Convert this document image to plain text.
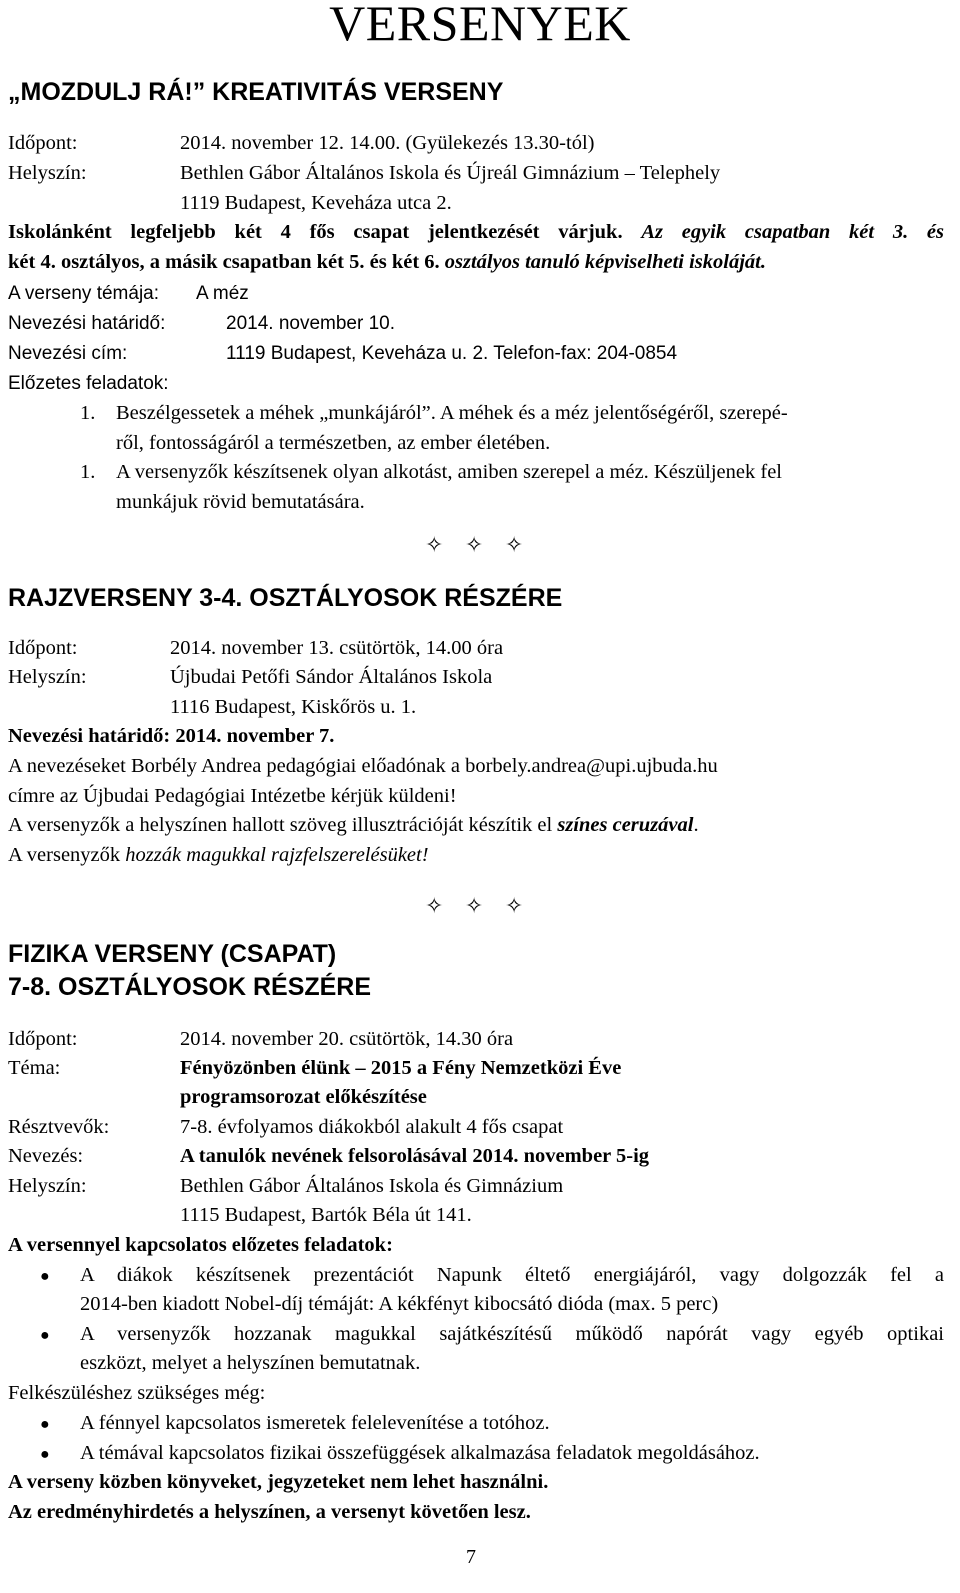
VERSENYEK
„MOZDULJ RÁ!” KREATIVITÁS VERSENY
Időpont:	2014. november 12. 14.00. (Gyülekezés 13.30-tól)
Helyszín:	Bethlen Gábor Általános Iskola és Újreál Gimnázium – Telephely
1119 Budapest, Keveháza utca 2.
Iskolánként legfeljebb két 4 fős csapat jelentkezését várjuk. Az egyik csapatban két 3. és
két 4. osztályos, a másik csapatban két 5. és két 6. osztályos tanuló képviselheti iskoláját.
A verseny témája: A méz
Nevezési határidő:	2014. november 10.
Nevezési cím:	1119 Budapest, Keveháza u. 2. Telefon-fax: 204-0854
Előzetes feladatok:
1. Beszélgessetek a méhek „munkájáról”. A méhek és a méz jelentőségéről, szerepé-
ről, fontosságáról a természetben, az ember életében.
1. A versenyzők készítsenek olyan alkotást, amiben szerepel a méz. Készüljenek fel
munkájuk rövid bemutatására.
✧ ✧ ✧
RAJZVERSENY 3-4. OSZTÁLYOSOK RÉSZÉRE
Időpont:	2014. november 13. csütörtök, 14.00 óra
Helyszín:	Újbudai Petőfi Sándor Általános Iskola
1116 Budapest, Kiskőrös u. 1.
Nevezési határidő: 2014. november 7.
A nevezéseket Borbély Andrea pedagógiai előadónak a borbely.andrea@upi.ujbuda.hu
címre az Újbudai Pedagógiai Intézetbe kérjük küldeni!
A versenyzők a helyszínen hallott szöveg illusztrációját készítik el színes ceruzával.
A versenyzők hozzák magukkal rajzfelszerelésüket!
✧ ✧ ✧
FIZIKA VERSENY (CSAPAT)
7-8. OSZTÁLYOSOK RÉSZÉRE
Időpont:	2014. november 20. csütörtök, 14.30 óra
Téma:	Fényözönben élünk – 2015 a Fény Nemzetközi Éve
programsorozat előkészítése
Résztvevők:	7-8. évfolyamos diákokból alakult 4 fős csapat
Nevezés:	A tanulók nevének felsorolásával 2014. november 5-ig
Helyszín:	Bethlen Gábor Általános Iskola és Gimnázium
1115 Budapest, Bartók Béla út 141.
A versennyel kapcsolatos előzetes feladatok:
● A diákok készítsenek prezentációt Napunk éltető energiájáról, vagy dolgozzák fel a
2014-ben kiadott Nobel-díj témáját: A kékfényt kibocsátó dióda (max. 5 perc)
● A versenyzők hozzanak magukkal sajátkészítésű működő napórát vagy egyéb optikai
eszközt, melyet a helyszínen bemutatnak.
Felkészüléshez szükséges még:
● A fénnyel kapcsolatos ismeretek felelevenítése a totóhoz.
● A témával kapcsolatos fizikai összefüggések alkalmazása feladatok megoldásához.
A verseny közben könyveket, jegyzeteket nem lehet használni.
Az eredményhirdetés a helyszínen, a versenyt követően lesz.
7
